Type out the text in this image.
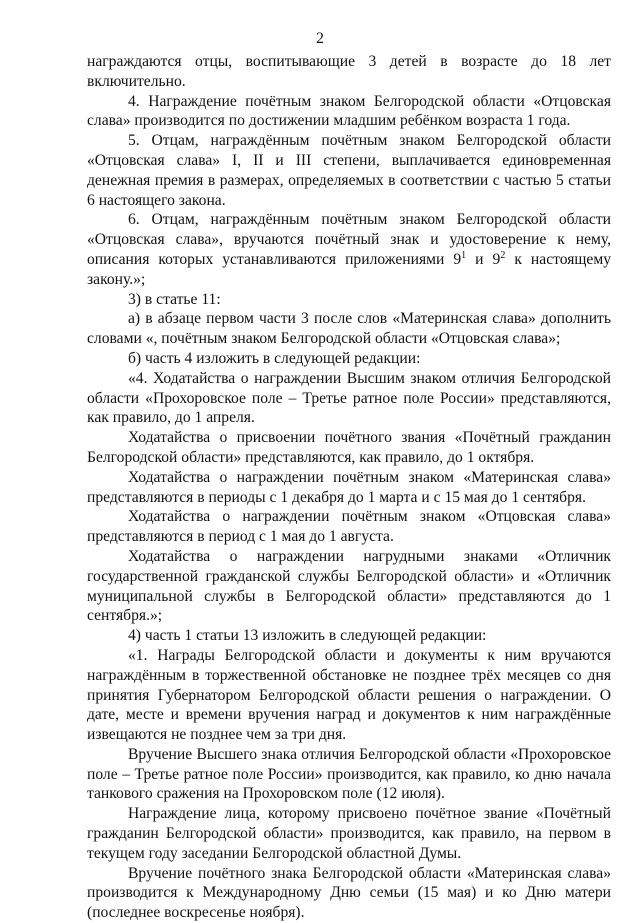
2

награждаются отцы, воспитывающие 3 детей в возрасте до 18 лет включительно.

4. Награждение почётным знаком Белгородской области «Отцовская слава» производится по достижении младшим ребёнком возраста 1 года.

5. Отцам, награждённым почётным знаком Белгородской области «Отцовская слава» I, II и III степени, выплачивается единовременная денежная премия в размерах, определяемых в соответствии с частью 5 статьи 6 настоящего закона.

6. Отцам, награждённым почётным знаком Белгородской области «Отцовская слава», вручаются почётный знак и удостоверение к нему, описания которых устанавливаются приложениями $9^1$ и $9^2$ к настоящему закону.»;

3) в статье 11:

а) в абзаце первом части 3 после слов «Материнская слава» дополнить словами «, почётным знаком Белгородской области «Отцовская слава»;

б) часть 4 изложить в следующей редакции:

«4. Ходатайства о награждении Высшим знаком отличия Белгородской области «Прохоровское поле – Третье ратное поле России» представляются, как правило, до 1 апреля.

Ходатайства о присвоении почётного звания «Почётный гражданин Белгородской области» представляются, как правило, до 1 октября.

Ходатайства о награждении почётным знаком «Материнская слава» представляются в периоды с 1 декабря до 1 марта и с 15 мая до 1 сентября.

Ходатайства о награждении почётным знаком «Отцовская слава» представляются в период с 1 мая до 1 августа.

Ходатайства о награждении нагрудными знаками «Отличник государственной гражданской службы Белгородской области» и «Отличник муниципальной службы в Белгородской области» представляются до 1 сентября.»;

4) часть 1 статьи 13 изложить в следующей редакции:

«1. Награды Белгородской области и документы к ним вручаются награждённым в торжественной обстановке не позднее трёх месяцев со дня принятия Губернатором Белгородской области решения о награждении. О дате, месте и времени вручения наград и документов к ним награждённые извещаются не позднее чем за три дня.

Вручение Высшего знака отличия Белгородской области «Прохоровское поле – Третье ратное поле России» производится, как правило, ко дню начала танкового сражения на Прохоровском поле (12 июля).

Награждение лица, которому присвоено почётное звание «Почётный гражданин Белгородской области» производится, как правило, на первом в текущем году заседании Белгородской областной Думы.

Вручение почётного знака Белгородской области «Материнская слава» производится к Международному Дню семьи (15 мая) и ко Дню матери (последнее воскресенье ноября).
